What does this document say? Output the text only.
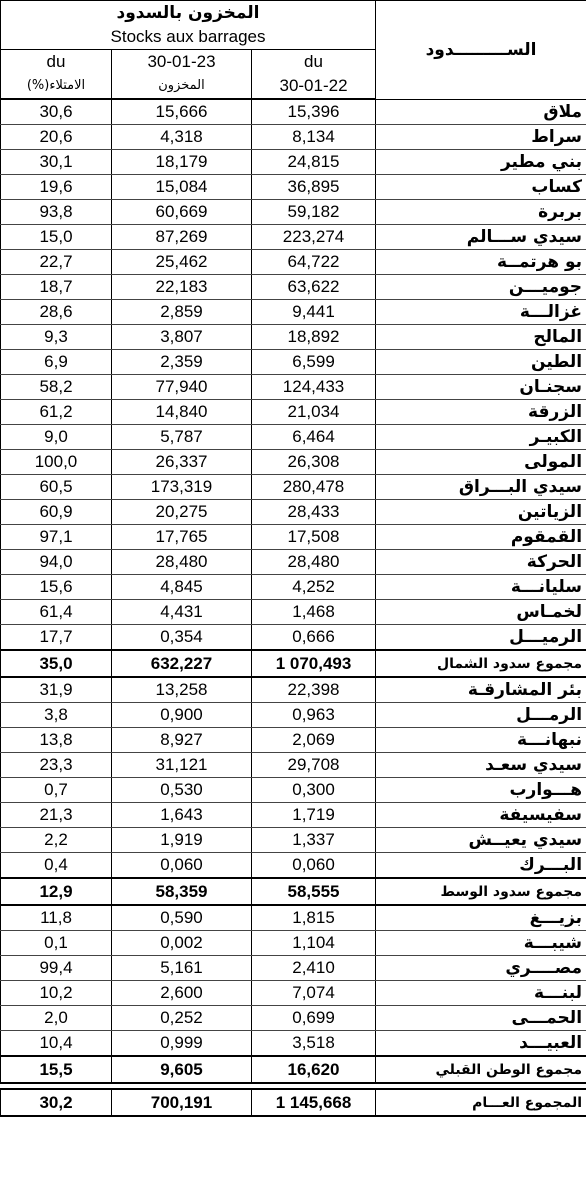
المخزون بالسدود			الســـــــــدود
Stocks aux barrages			
du	30-01-23	du	
الامتلاء(%)	المخزون	30-01-22	
30,6	15,666	15,396	ملاق
20,6	4,318	8,134	سراط
30,1	18,179	24,815	بني مطير
19,6	15,084	36,895	كساب
93,8	60,669	59,182	بربرة
15,0	87,269	223,274	سيدي ســـالم
22,7	25,462	64,722	بو هرتمــة
18,7	22,183	63,622	جوميـــن
28,6	2,859	9,441	غزالـــة
9,3	3,807	18,892	المالح
6,9	2,359	6,599	الطين
58,2	77,940	124,433	سجنـان
61,2	14,840	21,034	الزرقة
9,0	5,787	6,464	الكبيـر
100,0	26,337	26,308	المولى
60,5	173,319	280,478	سيدي البـــراق
60,9	20,275	28,433	الزياتين
97,1	17,765	17,508	القمقوم
94,0	28,480	28,480	الحركة
15,6	4,845	4,252	سليانـــة
61,4	4,431	1,468	لخمـاس
17,7	0,354	0,666	الرميـــل
35,0	632,227	1 070,493	مجموع سدود الشمال
31,9	13,258	22,398	بئر المشارقـة
3,8	0,900	0,963	الرمـــل
13,8	8,927	2,069	نبهانـــة
23,3	31,121	29,708	سيدي سعـد
0,7	0,530	0,300	هـــوارب
21,3	1,643	1,719	سفيسيفة
2,2	1,919	1,337	سيدي يعيــش
0,4	0,060	0,060	البـــرك
12,9	58,359	58,555	مجموع سدود الوسط
11,8	0,590	1,815	بزيـــغ
0,1	0,002	1,104	شيبـــة
99,4	5,161	2,410	مصــــري
10,2	2,600	7,074	لبنـــة
2,0	0,252	0,699	الحمـــى
10,4	0,999	3,518	العبيـــد
15,5	9,605	16,620	مجموع الوطن القبلي

30,2	700,191	1 145,668	المجموع العـــام
